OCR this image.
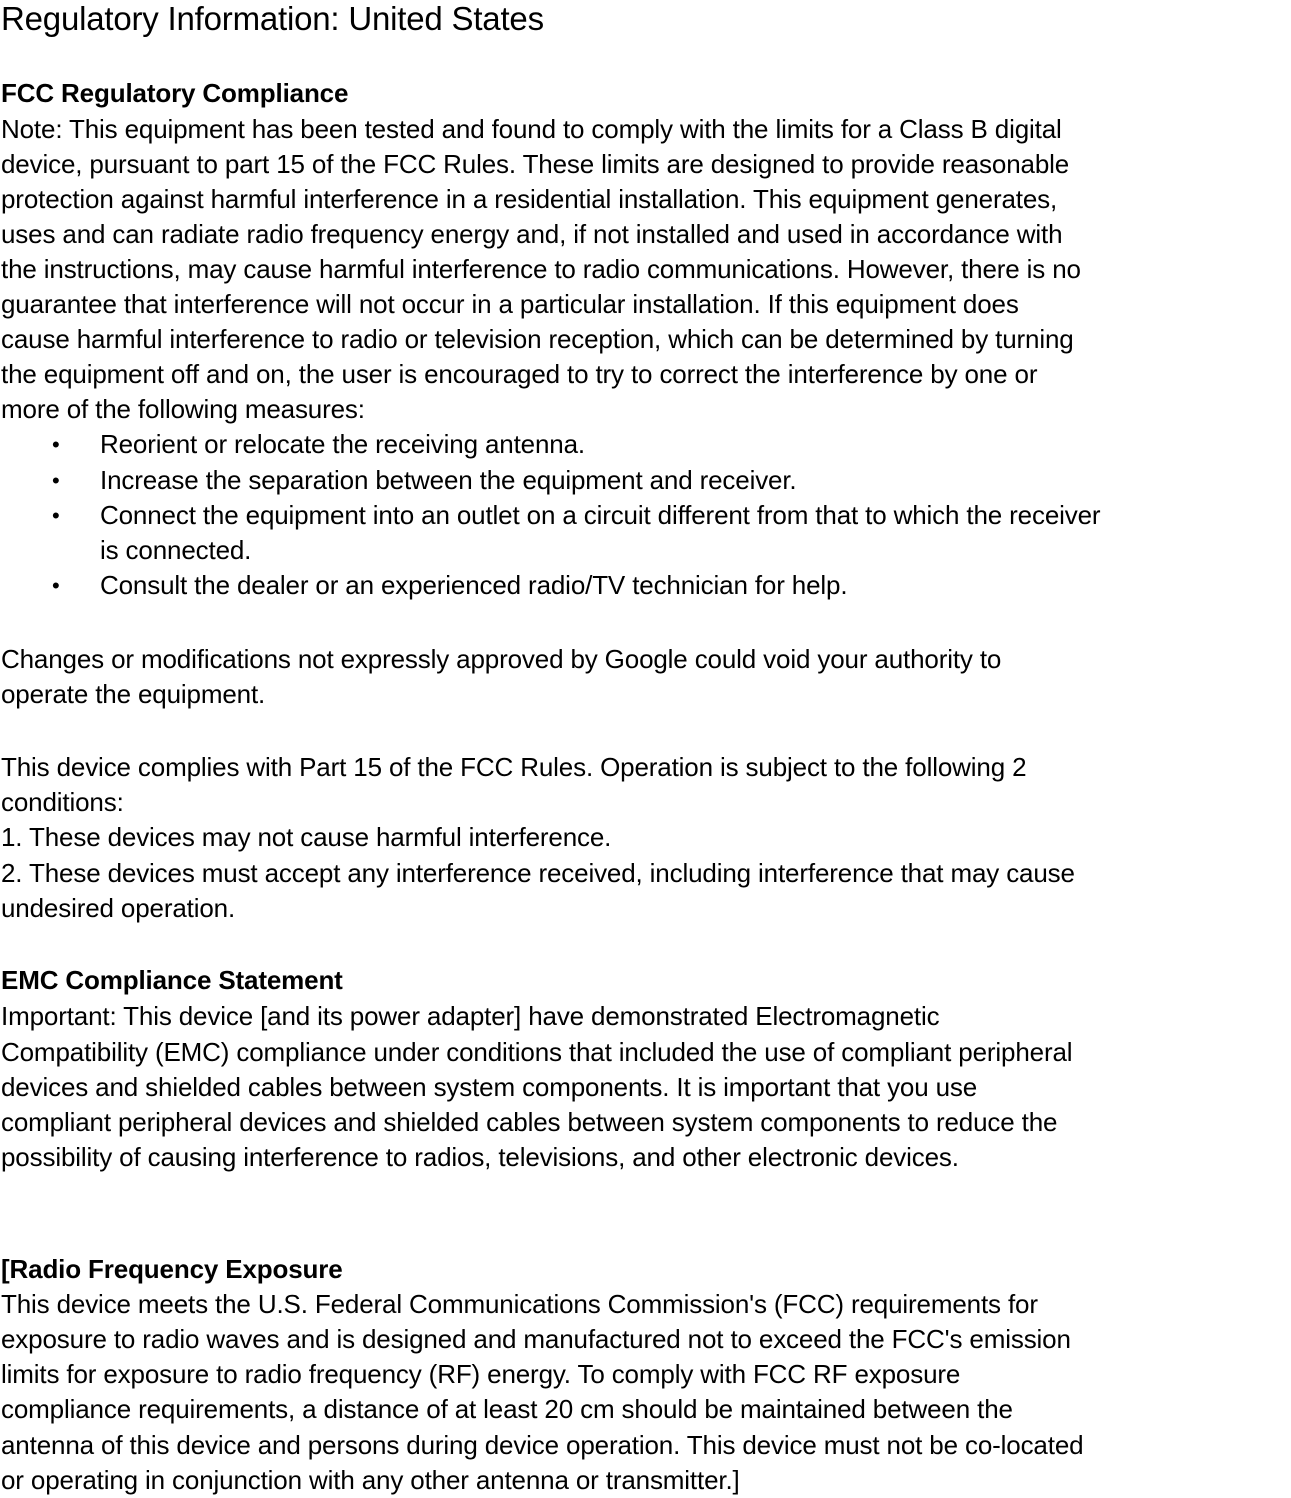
Regulatory Information: United States
FCC Regulatory Compliance
Note: This equipment has been tested and found to comply with the limits for a Class B digital
device, pursuant to part 15 of the FCC Rules. These limits are designed to provide reasonable
protection against harmful interference in a residential installation. This equipment generates,
uses and can radiate radio frequency energy and, if not installed and used in accordance with
the instructions, may cause harmful interference to radio communications. However, there is no
guarantee that interference will not occur in a particular installation. If this equipment does
cause harmful interference to radio or television reception, which can be determined by turning
the equipment off and on, the user is encouraged to try to correct the interference by one or
more of the following measures:
• Reorient or relocate the receiving antenna.
• Increase the separation between the equipment and receiver.
• Connect the equipment into an outlet on a circuit different from that to which the receiver
is connected.
• Consult the dealer or an experienced radio/TV technician for help.
Changes or modifications not expressly approved by Google could void your authority to
operate the equipment.
This device complies with Part 15 of the FCC Rules. Operation is subject to the following 2
conditions:
1. These devices may not cause harmful interference.
2. These devices must accept any interference received, including interference that may cause
undesired operation.
EMC Compliance Statement
Important: This device [and its power adapter] have demonstrated Electromagnetic
Compatibility (EMC) compliance under conditions that included the use of compliant peripheral
devices and shielded cables between system components. It is important that you use
compliant peripheral devices and shielded cables between system components to reduce the
possibility of causing interference to radios, televisions, and other electronic devices.
[Radio Frequency Exposure
This device meets the U.S. Federal Communications Commission's (FCC) requirements for
exposure to radio waves and is designed and manufactured not to exceed the FCC's emission
limits for exposure to radio frequency (RF) energy. To comply with FCC RF exposure
compliance requirements, a distance of at least 20 cm should be maintained between the
antenna of this device and persons during device operation. This device must not be co-located
or operating in conjunction with any other antenna or transmitter.]
